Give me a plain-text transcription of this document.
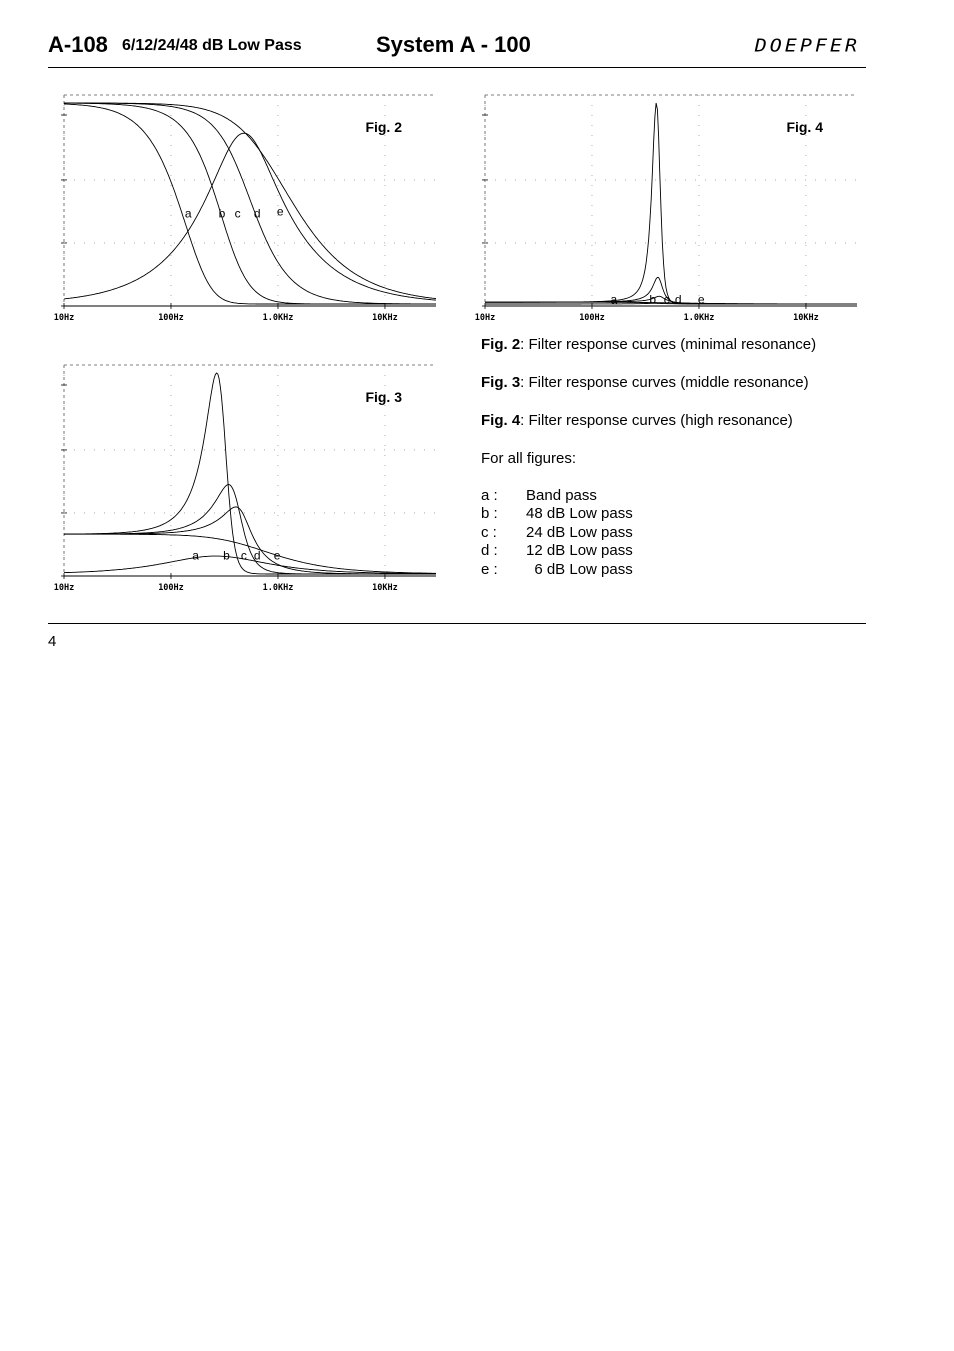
A-108 6/12/24/48 dB Low Pass	System A - 100	DOEPFER
10Hz	100Hz	1.0KHz	10KHz
a b c d e
Fig. 2
10Hz	100Hz	1.0KHz	10KHz
a	b c d e
Fig. 4
10Hz	100Hz	1.0KHz	10KHz
a b c d e
Fig. 3
Fig. 2: Filter response curves (minimal resonance)
Fig. 3: Filter response curves (middle resonance)
Fig. 4: Filter response curves (high resonance)
For all figures:
a : Band pass
b : 48 dB Low pass
c : 24 dB Low pass
d : 12 dB Low pass
e : 6 dB Low pass
4
